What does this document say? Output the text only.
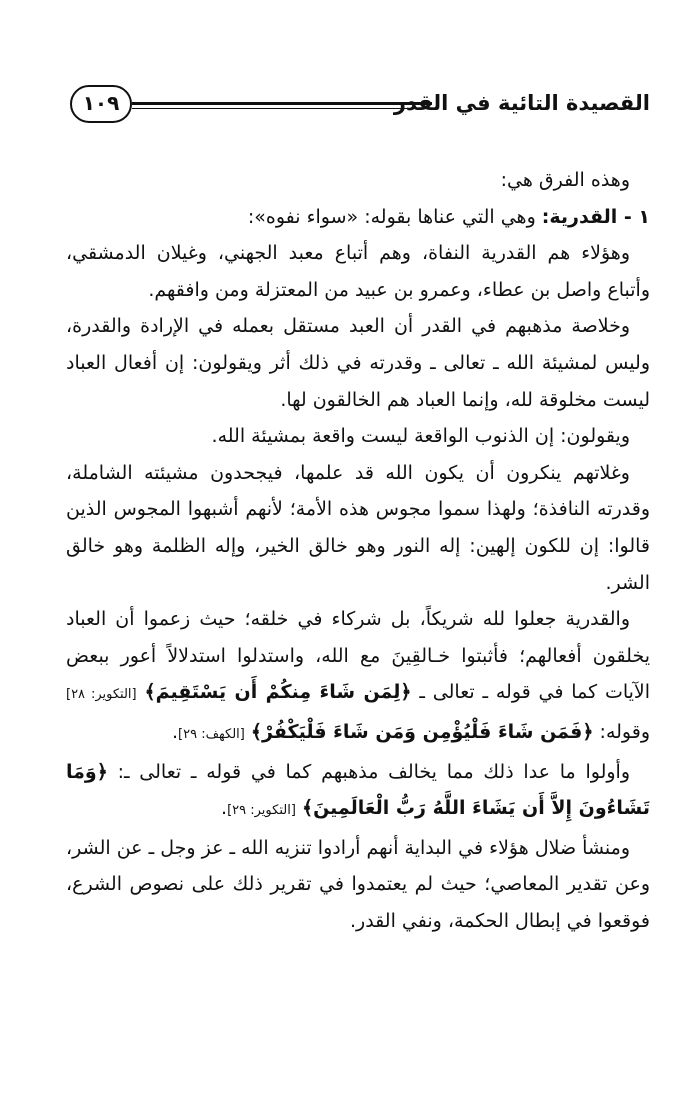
القصيدة التائية في القدر
١٠٩

وهذه الفرق هي:

١ - القدرية: وهي التي عناها بقوله: «سواء نفوه»:

وهؤلاء هم القدرية النفاة، وهم أتباع معبد الجهني، وغيلان الدمشقي، وأتباع واصل بن عطاء، وعمرو بن عبيد من المعتزلة ومن وافقهم.

وخلاصة مذهبهم في القدر أن العبد مستقل بعمله في الإرادة والقدرة، وليس لمشيئة الله ـ تعالى ـ وقدرته في ذلك أثر ويقولون: إن أفعال العباد ليست مخلوقة لله، وإنما العباد هم الخالقون لها.

ويقولون: إن الذنوب الواقعة ليست واقعة بمشيئة الله.

وغلاتهم ينكرون أن يكون الله قد علمها، فيجحدون مشيئته الشاملة، وقدرته النافذة؛ ولهذا سموا مجوس هذه الأمة؛ لأنهم أشبهوا المجوس الذين قالوا: إن للكون إلهين: إله النور وهو خالق الخير، وإله الظلمة وهو خالق الشر.

والقدرية جعلوا لله شريكاً، بل شركاء في خلقه؛ حيث زعموا أن العباد يخلقون أفعالهم؛ فأثبتوا خـالقِينَ مع الله، واستدلوا استدلالاً أعور ببعض الآيات كما في قوله ـ تعالى ـ ﴿لِمَن شَاءَ مِنكُمْ أَن يَسْتَقِيمَ﴾ [التكوير: ٢٨] وقوله: ﴿فَمَن شَاءَ فَلْيُؤْمِن وَمَن شَاءَ فَلْيَكْفُرْ﴾ [الكهف: ٢٩].

وأولوا ما عدا ذلك مما يخالف مذهبهم كما في قوله ـ تعالى ـ: ﴿وَمَا تَشَاءُونَ إِلاَّ أَن يَشَاءَ اللَّهُ رَبُّ الْعَالَمِينَ﴾ [التكوير: ٢٩].

ومنشأ ضلال هؤلاء في البداية أنهم أرادوا تنزيه الله ـ عز وجل ـ عن الشر، وعن تقدير المعاصي؛ حيث لم يعتمدوا في تقرير ذلك على نصوص الشرع، فوقعوا في إبطال الحكمة، ونفي القدر.
